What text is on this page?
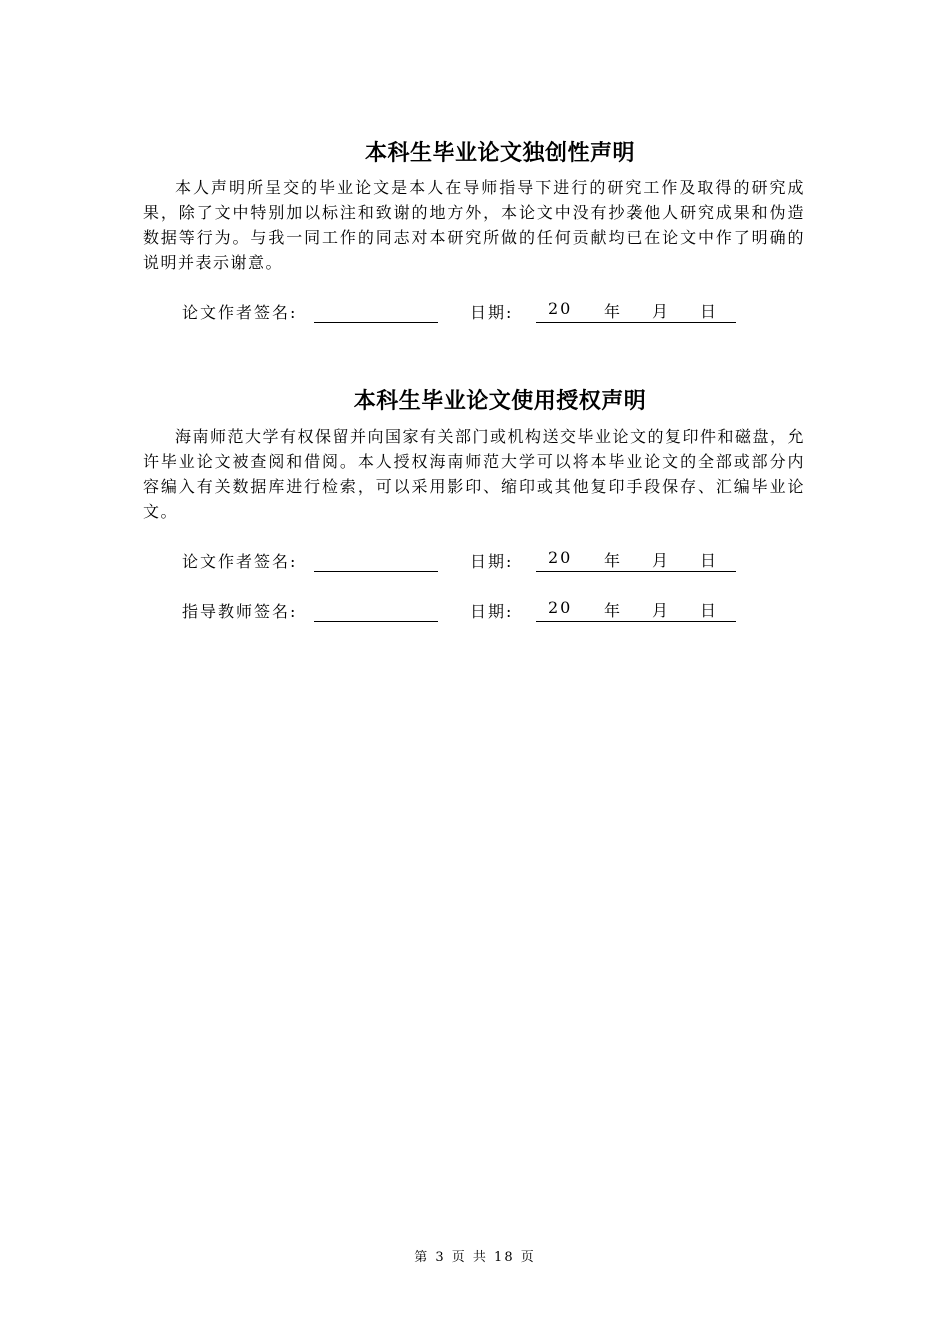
本科生毕业论文独创性声明
本人声明所呈交的毕业论文是本人在导师指导下进行的研究工作及取得的研究成果，除了文中特别加以标注和致谢的地方外，本论文中没有抄袭他人研究成果和伪造数据等行为。与我一同工作的同志对本研究所做的任何贡献均已在论文中作了明确的说明并表示谢意。
论文作者签名:	日期:	20	年	月	日
本科生毕业论文使用授权声明
海南师范大学有权保留并向国家有关部门或机构送交毕业论文的复印件和磁盘，允许毕业论文被查阅和借阅。本人授权海南师范大学可以将本毕业论文的全部或部分内容编入有关数据库进行检索，可以采用影印、缩印或其他复印手段保存、汇编毕业论文。
论文作者签名:	日期:	20	年	月	日
指导教师签名:	日期:	20	年	月	日
第 3 页 共 18 页
